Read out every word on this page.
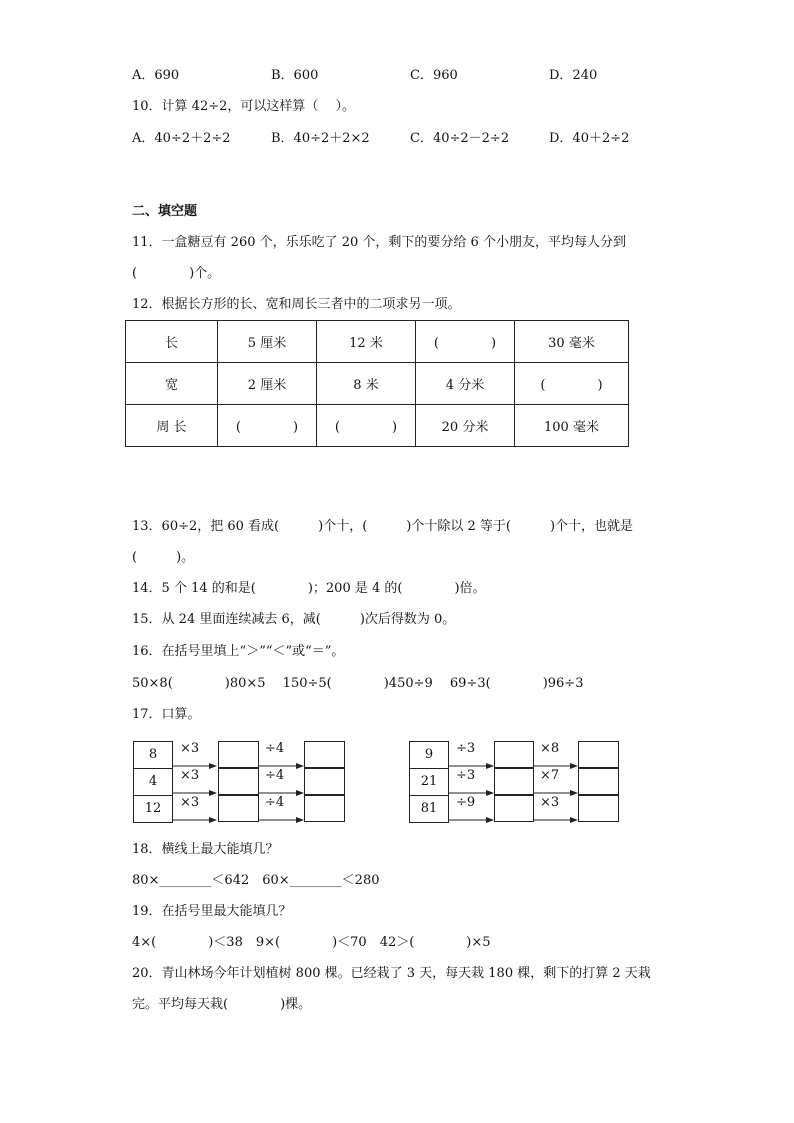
A．690	B．600	C．960	D．240
10．计算 42÷2，可以这样算（　 ）。
A．40÷2＋2÷2	B．40÷2＋2×2	C．40÷2－2÷2	D．40＋2÷2
二、填空题
11．一盒糖豆有 260 个，乐乐吃了 20 个，剩下的要分给 6 个小朋友，平均每人分到
(　　　　)个。
12．根据长方形的长、宽和周长三者中的二项求另一项。
长	5 厘米	12 米	(　　　　)	30 毫米
宽	2 厘米	8 米	4 分米	(　　　　)
周 长	(　　　　)	(　　　　)	20 分米	100 毫米
13．60÷2，把 60 看成(　　　)个十，(　　　)个十除以 2 等于(　　　)个十，也就是
(　　　)。
14．5 个 14 的和是(　　　　)；200 是 4 的(　　　　)倍。
15．从 24 里面连续减去 6，减(　　　)次后得数为 0。
16．在括号里填上“＞”“＜”或“＝”。
50×8(　　　　)80×5　 150÷5(　　　　)450÷9　 69÷3(　　　　)96÷3
17．口算。
8
4
12
×3
×3
×3
÷4
÷4
÷4
9
21
81
÷3
÷3
÷9
×8
×7
×3
18．横线上最大能填几？
80×________＜642　60×________＜280
19．在括号里最大能填几？
4×(　　　　)＜38　9×(　　　　)＜70　42＞(　　　　)×5
20．青山林场今年计划植树 800 棵。已经栽了 3 天，每天栽 180 棵，剩下的打算 2 天栽
完。平均每天栽(　　　　)棵。
